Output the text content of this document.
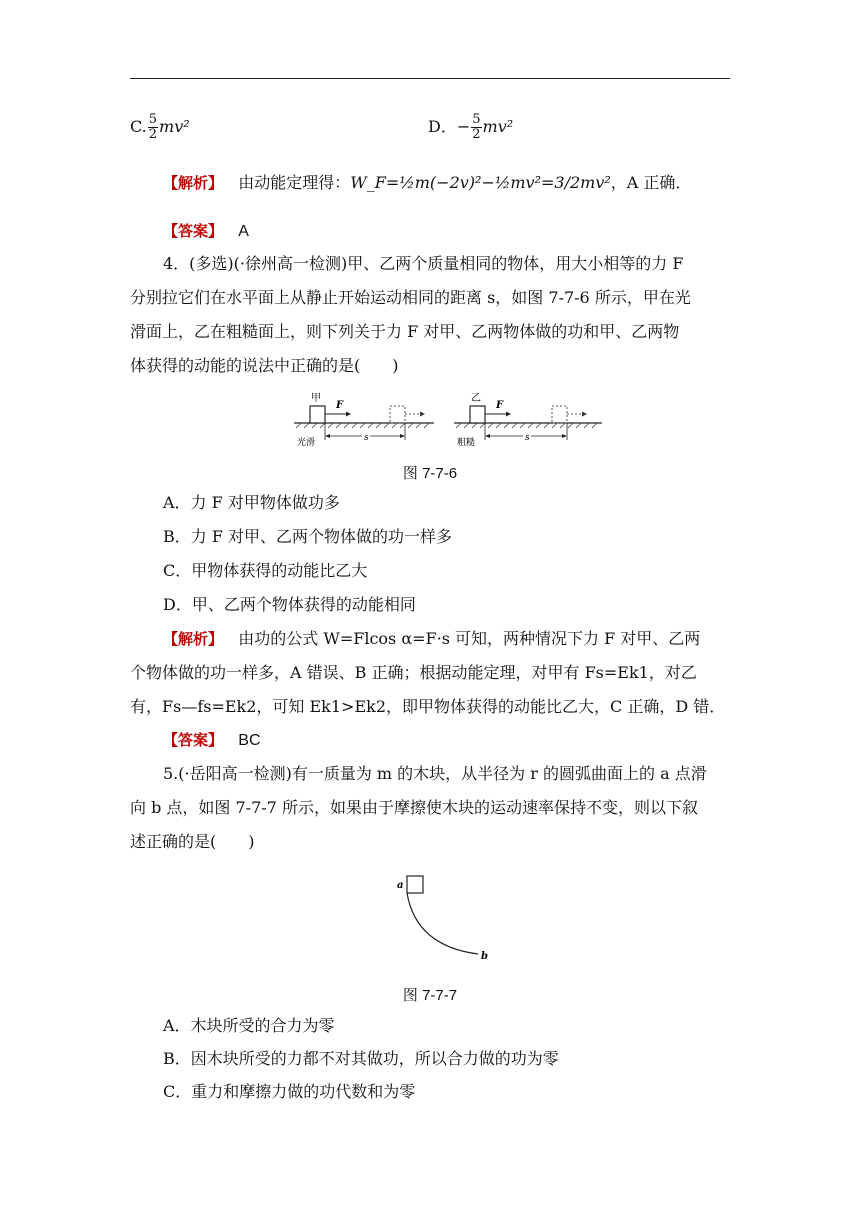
C. $\frac{5}{2} mv^2$	D．− $\frac{5}{2} mv^2$
【解析】 由动能定理得：W_F=½m(−2v)²−½mv²=3/2mv²，A 正确．
【答案】 A
4．(多选)(·徐州高一检测)甲、乙两个质量相同的物体，用大小相等的力 F
分别拉它们在水平面上从静止开始运动相同的距离 s，如图 7-7-6 所示，甲在光
滑面上，乙在粗糙面上，则下列关于力 F 对甲、乙两物体做的功和甲、乙两物
体获得的动能的说法中正确的是(　　)
甲
F
s
光滑
乙
F
s
粗糙
图 7-7-6
A．力 F 对甲物体做功多
B．力 F 对甲、乙两个物体做的功一样多
C．甲物体获得的动能比乙大
D．甲、乙两个物体获得的动能相同
【解析】 由功的公式 W=Flcos α=F·s 可知，两种情况下力 F 对甲、乙两
个物体做的功一样多，A 错误、B 正确；根据动能定理，对甲有 Fs=Ek1，对乙
有，Fs—fs=Ek2，可知 Ek1>Ek2，即甲物体获得的动能比乙大，C 正确，D 错．
【答案】 BC
5.(·岳阳高一检测)有一质量为 m 的木块，从半径为 r 的圆弧曲面上的 a 点滑
向 b 点，如图 7-7-7 所示，如果由于摩擦使木块的运动速率保持不变，则以下叙
述正确的是(　　)
a
b
图 7-7-7
A．木块所受的合力为零
B．因木块所受的力都不对其做功，所以合力做的功为零
C．重力和摩擦力做的功代数和为零
